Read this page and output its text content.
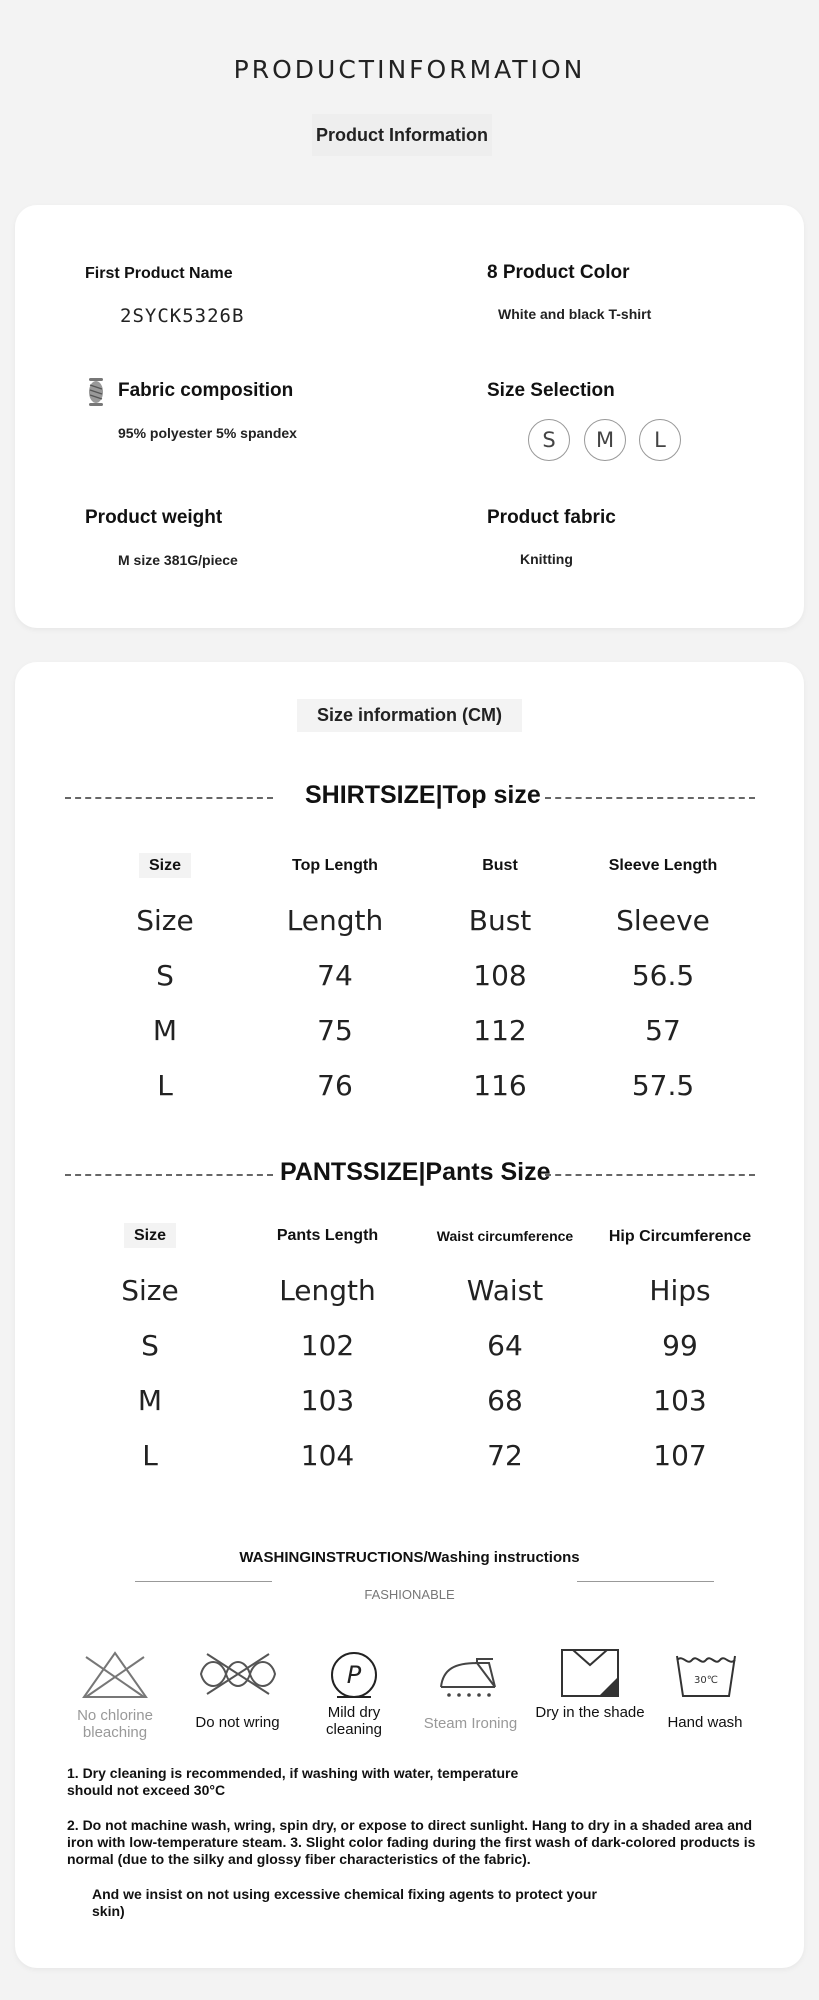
PRODUCTINFORMATION
Product Information
First Product Name
2SYCK5326B
8 Product Color
White and black T-shirt
Fabric composition
95% polyester 5% spandex
Size Selection
S	M	L
Product weight
M size 381G/piece
Product fabric
Knitting
Size information (CM)
SHIRTSIZE|Top size
Size	Top Length	Bust	Sleeve Length
Size	Length	Bust	Sleeve
S	74	108	56.5
M	75	112	57
L	76	116	57.5
PANTSSIZE|Pants Size
Size	Pants Length	Waist circumference	Hip Circumference
Size	Length	Waist	Hips
S	102	64	99
M	103	68	103
L	104	72	107
WASHINGINSTRUCTIONS/Washing instructions
FASHIONABLE
No chlorine bleaching
Do not wring
P
Mild dry cleaning	Steam Ironing
Dry in the shade
30℃
Hand wash
1. Dry cleaning is recommended, if washing with water, temperature should not exceed 30°C
2. Do not machine wash, wring, spin dry, or expose to direct sunlight. Hang to dry in a shaded area and iron with low-temperature steam. 3. Slight color fading during the first wash of dark-colored products is normal (due to the silky and glossy fiber characteristics of the fabric).
And we insist on not using excessive chemical fixing agents to protect your skin)
